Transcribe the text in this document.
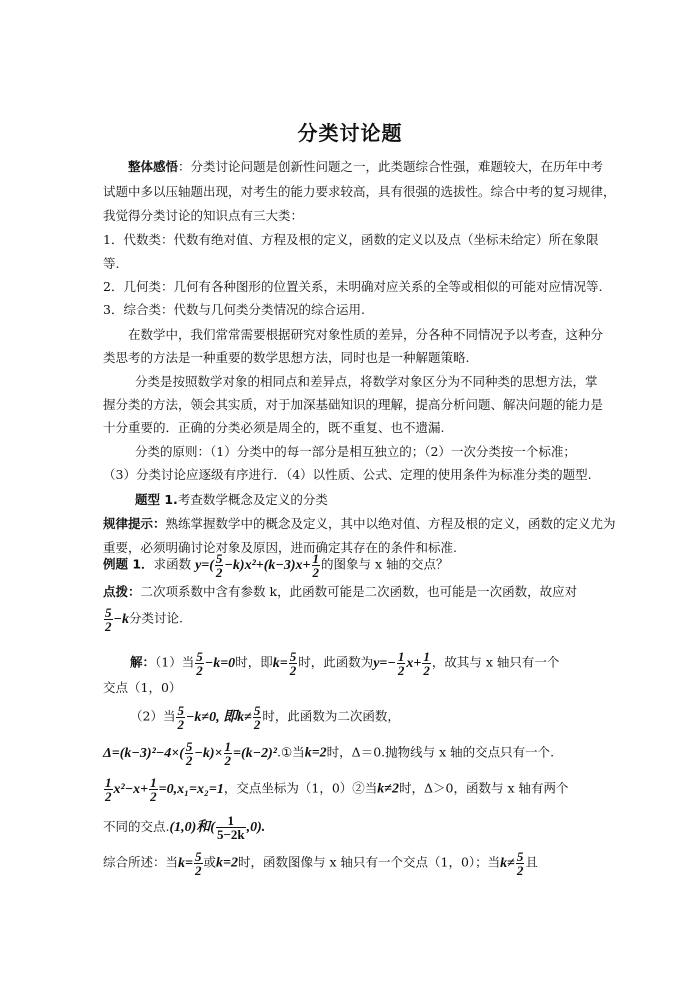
分类讨论题
整体感悟：分类讨论问题是创新性问题之一，此类题综合性强，难题较大，在历年中考
试题中多以压轴题出现，对考生的能力要求较高，具有很强的选拔性。综合中考的复习规律，
我觉得分类讨论的知识点有三大类：
1．代数类：代数有绝对值、方程及根的定义，函数的定义以及点（坐标未给定）所在象限
等.
2．几何类：几何有各种图形的位置关系，未明确对应关系的全等或相似的可能对应情况等.
3．综合类：代数与几何类分类情况的综合运用.
在数学中，我们常常需要根据研究对象性质的差异，分各种不同情况予以考查，这种分
类思考的方法是一种重要的数学思想方法，同时也是一种解题策略.
分类是按照数学对象的相同点和差异点，将数学对象区分为不同种类的思想方法，掌
握分类的方法，领会其实质，对于加深基础知识的理解，提高分析问题、解决问题的能力是
十分重要的．正确的分类必须是周全的，既不重复、也不遗漏.
分类的原则：（1）分类中的每一部分是相互独立的；（2）一次分类按一个标准；
（3）分类讨论应逐级有序进行．（4）以性质、公式、定理的使用条件为标准分类的题型.
题型 1.考查数学概念及定义的分类
规律提示：熟练掌握数学中的概念及定义，其中以绝对值、方程及根的定义，函数的定义尤为
重要，必须明确讨论对象及原因，进而确定其存在的条件和标准.
例题 1．求函数 $y=( \frac{5}{2} -k)x^2+(k-3)x+ \frac{1}{2}$ 的图象与 x 轴的交点？
点拨：二次项系数中含有参数 k，此函数可能是二次函数，也可能是一次函数，故应对
$\frac{5}{2} -k$分类讨论.
解：（1）当 $\frac{5}{2} -k=0$时，即$k= \frac{5}{2}$ 时，此函数为$y=- \frac{1}{2} x+ \frac{1}{2}$ ，故其与 x 轴只有一个
交点（1，0）
（2）当 $\frac{5}{2} -k\ne 0$, 即$k\ne \frac{5}{2}$ 时，此函数为二次函数，
$\Delta=(k-3)^2-4\times( \frac{5}{2} -k)\times \frac{1}{2}$ =(k−2)².①当k=2时，Δ＝0.抛物线与 x 轴的交点只有一个.
$\frac{1}{2} x^2-x+ \frac{1}{2} =0,x_1=x_2=1$，交点坐标为（1，0）②当k≠2时，Δ＞0，函数与 x 轴有两个
不同的交点.(1,0)和( $\frac{1}{5-2k} ,0$).
综合所述：当$k= \frac{5}{2}$ 或k=2时，函数图像与 x 轴只有一个交点（1，0）；当$k\ne \frac{5}{2}$ 且
